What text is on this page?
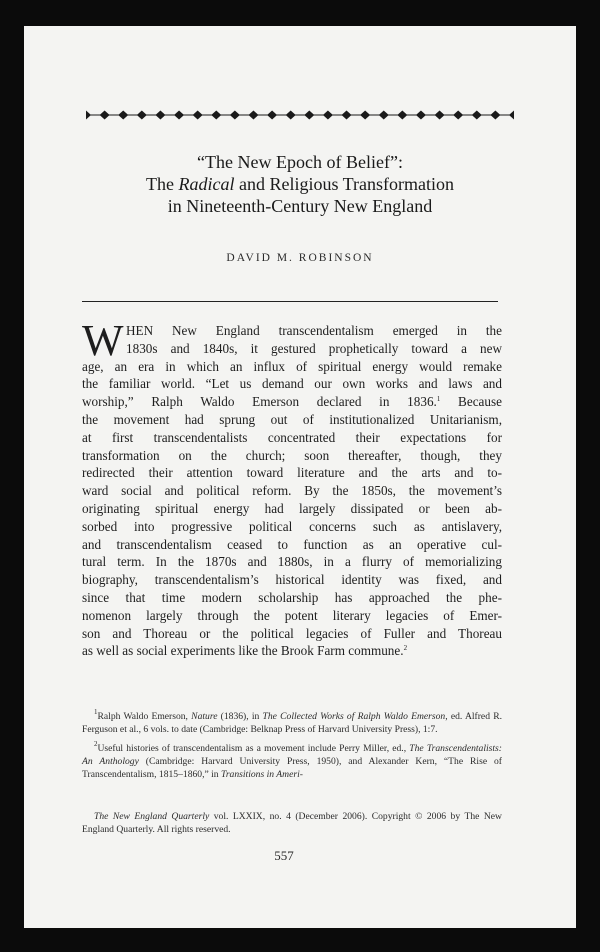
“The New Epoch of Belief”:
The Radical and Religious Transformation
in Nineteenth-Century New England
DAVID M. ROBINSON
W HEN New England transcendentalism emerged in the
1830s and 1840s, it gestured prophetically toward a new
age, an era in which an influx of spiritual energy would remake
the familiar world. “Let us demand our own works and laws and
worship,” Ralph Waldo Emerson declared in 1836.$^1$ Because
the movement had sprung out of institutionalized Unitarianism,
at first transcendentalists concentrated their expectations for
transformation on the church; soon thereafter, though, they
redirected their attention toward literature and the arts and to-
ward social and political reform. By the 1850s, the movement’s
originating spiritual energy had largely dissipated or been ab-
sorbed into progressive political concerns such as antislavery,
and transcendentalism ceased to function as an operative cul-
tural term. In the 1870s and 1880s, in a flurry of memorializing
biography, transcendentalism’s historical identity was fixed, and
since that time modern scholarship has approached the phe-
nomenon largely through the potent literary legacies of Emer-
son and Thoreau or the political legacies of Fuller and Thoreau
as well as social experiments like the Brook Farm commune.$^2$

$^1$Ralph Waldo Emerson, Nature (1836), in The Collected Works of Ralph Waldo Emerson, ed. Alfred R. Ferguson et al., 6 vols. to date (Cambridge: Belknap Press of Harvard University Press), 1:7.

$^2$Useful histories of transcendentalism as a movement include Perry Miller, ed., The Transcendentalists: An Anthology (Cambridge: Harvard University Press, 1950), and Alexander Kern, “The Rise of Transcendentalism, 1815–1860,” in Transitions in Ameri-

The New England Quarterly vol. LXXIX, no. 4 (December 2006). Copyright © 2006 by The New
England Quarterly. All rights reserved.
557
